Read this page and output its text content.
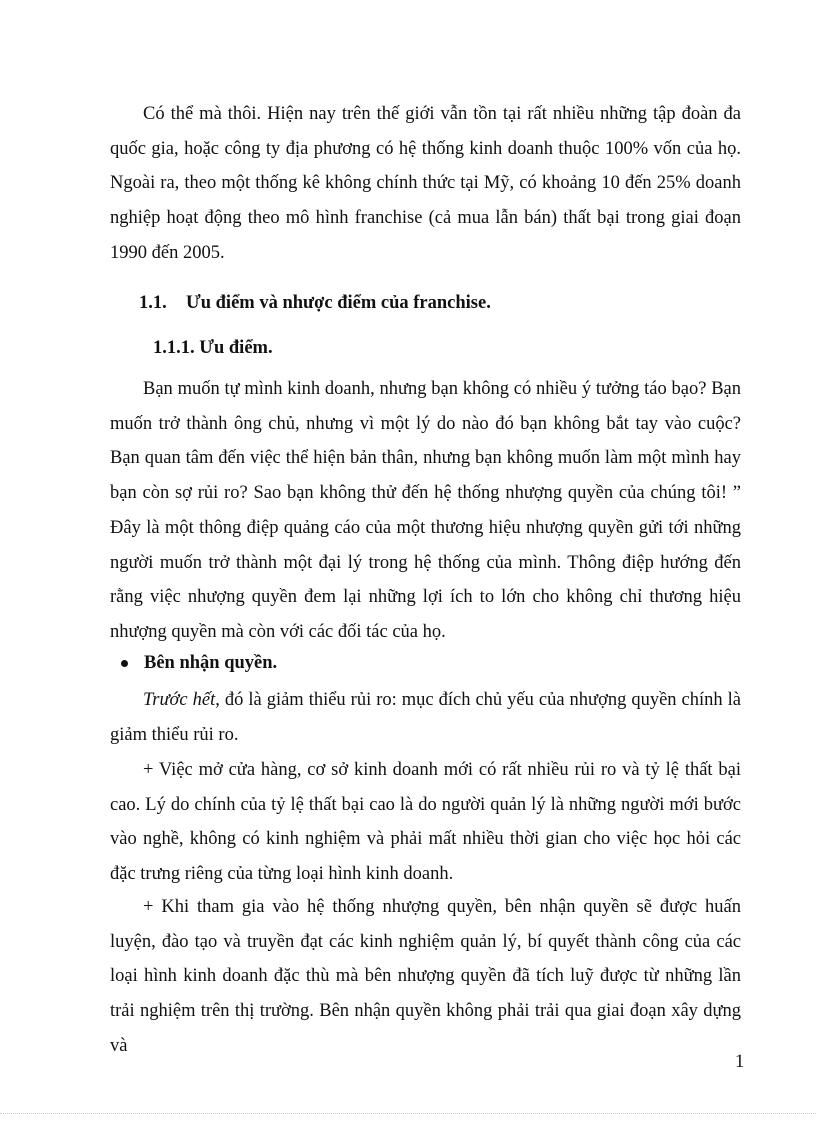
Có thể mà thôi. Hiện nay trên thế giới vẫn tồn tại rất nhiều những tập đoàn đa quốc gia, hoặc công ty địa phương có hệ thống kinh doanh thuộc 100% vốn của họ. Ngoài ra, theo một thống kê không chính thức tại Mỹ, có khoảng 10 đến 25% doanh nghiệp hoạt động theo mô hình franchise (cả mua lẫn bán) thất bại trong giai đoạn 1990 đến 2005.

1.1. Ưu điểm và nhược điểm của franchise.

1.1.1. Ưu điểm.

Bạn muốn tự mình kinh doanh, nhưng bạn không có nhiều ý tưởng táo bạo? Bạn muốn trở thành ông chủ, nhưng vì một lý do nào đó bạn không bắt tay vào cuộc? Bạn quan tâm đến việc thể hiện bản thân, nhưng bạn không muốn làm một mình hay bạn còn sợ rủi ro? Sao bạn không thử đến hệ thống nhượng quyền của chúng tôi! ” Đây là một thông điệp quảng cáo của một thương hiệu nhượng quyền gửi tới những người muốn trở thành một đại lý trong hệ thống của mình. Thông điệp hướng đến rằng việc nhượng quyền đem lại những lợi ích to lớn cho không chỉ thương hiệu nhượng quyền mà còn với các đối tác của họ.

Bên nhận quyền.

Trước hết, đó là giảm thiểu rủi ro: mục đích chủ yếu của nhượng quyền chính là giảm thiểu rủi ro.

+ Việc mở cửa hàng, cơ sở kinh doanh mới có rất nhiều rủi ro và tỷ lệ thất bại cao. Lý do chính của tỷ lệ thất bại cao là do người quản lý là những người mới bước vào nghề, không có kinh nghiệm và phải mất nhiều thời gian cho việc học hỏi các đặc trưng riêng của từng loại hình kinh doanh.

+ Khi tham gia vào hệ thống nhượng quyền, bên nhận quyền sẽ được huấn luyện, đào tạo và truyền đạt các kinh nghiệm quản lý, bí quyết thành công của các loại hình kinh doanh đặc thù mà bên nhượng quyền đã tích luỹ được từ những lần trải nghiệm trên thị trường. Bên nhận quyền không phải trải qua giai đoạn xây dựng và

1
